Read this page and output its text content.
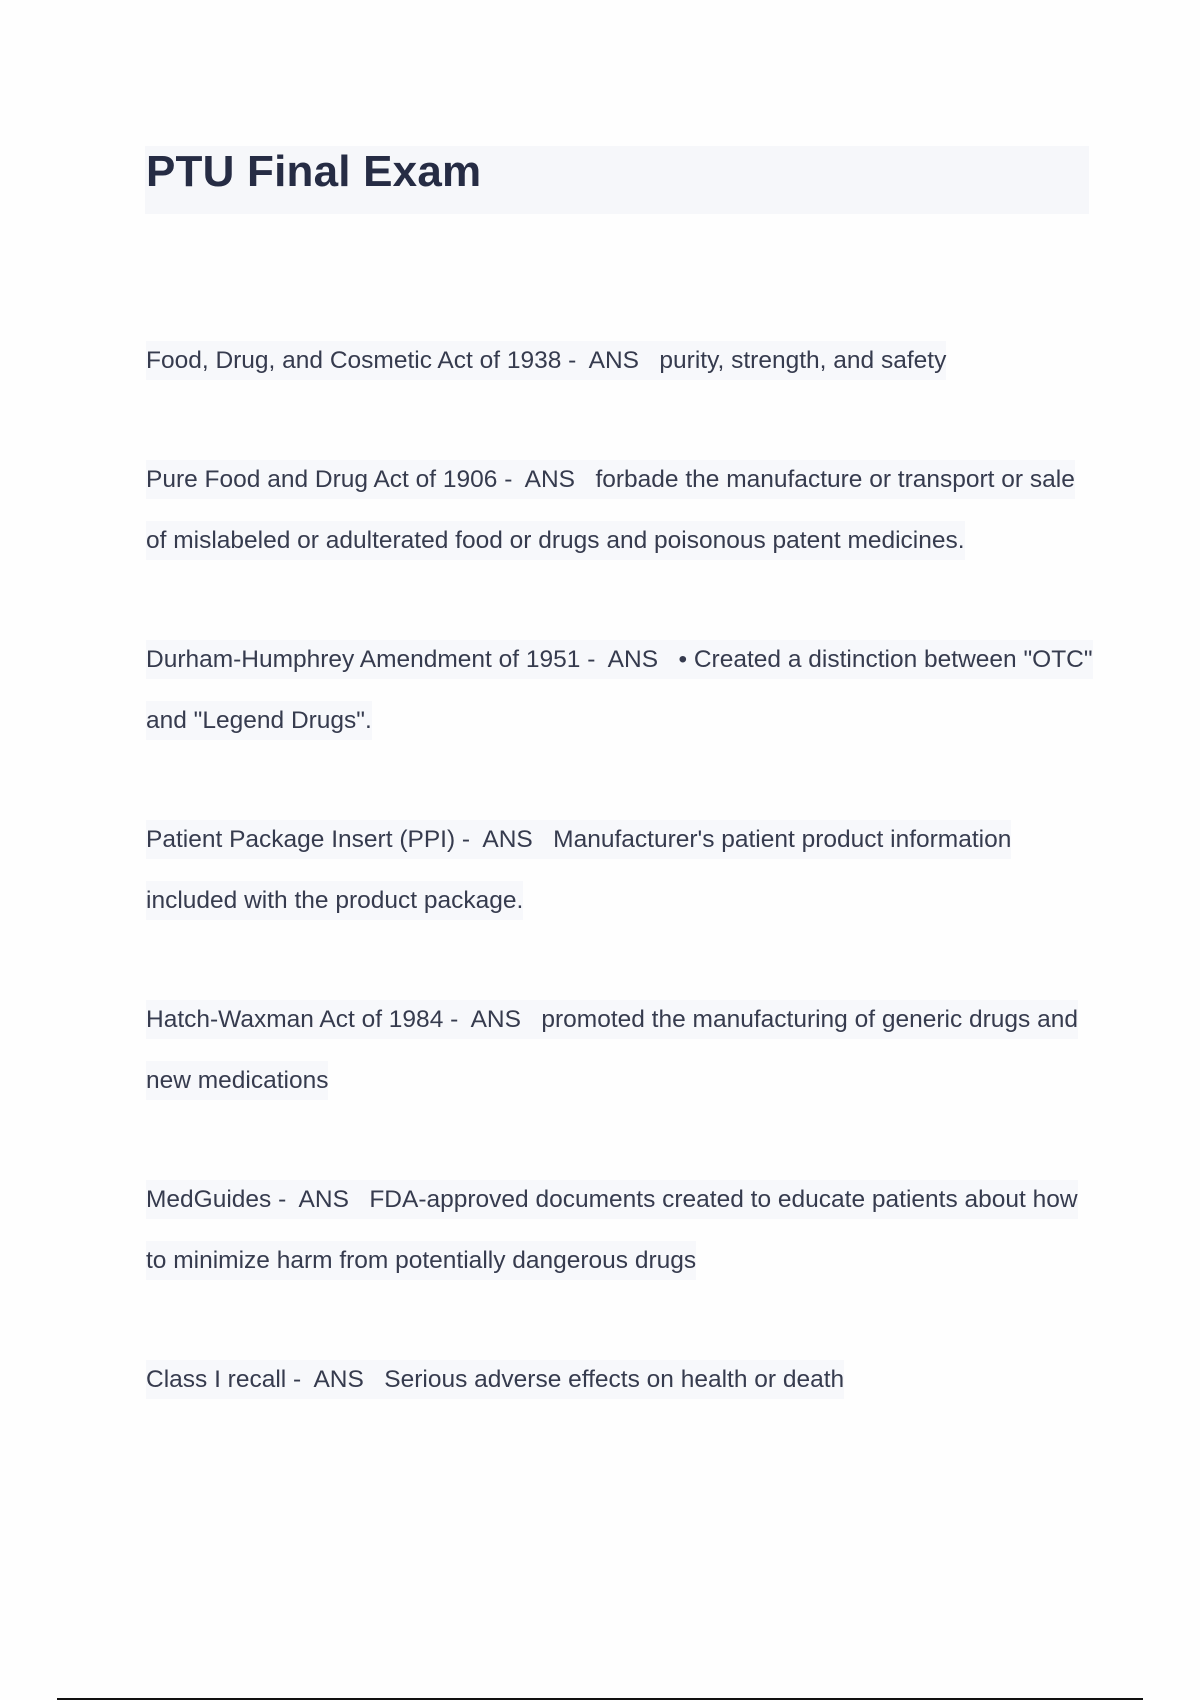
PTU Final Exam
Food, Drug, and Cosmetic Act of 1938 -  ANS purity, strength, and safety
Pure Food and Drug Act of 1906 -  ANS forbade the manufacture or transport or sale of mislabeled or adulterated food or drugs and poisonous patent medicines.
Durham-Humphrey Amendment of 1951 -  ANS • Created a distinction between "OTC" and "Legend Drugs".
Patient Package Insert (PPI) -  ANS Manufacturer's patient product information included with the product package.
Hatch-Waxman Act of 1984 -  ANS promoted the manufacturing of generic drugs and new medications
MedGuides -  ANS FDA-approved documents created to educate patients about how to minimize harm from potentially dangerous drugs
Class I recall -  ANS Serious adverse effects on health or death
